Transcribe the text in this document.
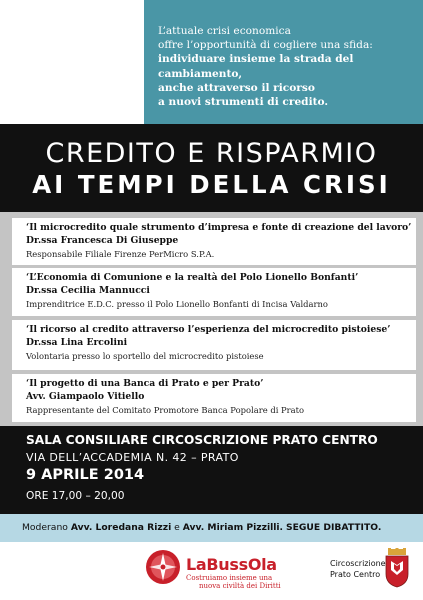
L’attuale crisi economica
offre l’opportunità di cogliere una sfida:
individuare insieme la strada del
cambiamento,
anche attraverso il ricorso
a nuovi strumenti di credito.
CREDITO E RISPARMIO
AI TEMPI DELLA CRISI
‘Il microcredito quale strumento d’impresa e fonte di creazione del lavoro’
Dr.ssa Francesca Di Giuseppe
Responsabile Filiale Firenze PerMicro S.P.A.
‘L’Economia di Comunione e la realtà del Polo Lionello Bonfanti’
Dr.ssa Cecilia Mannucci
Imprenditrice E.D.C. presso il Polo Lionello Bonfanti di Incisa Valdarno
‘Il ricorso al credito attraverso l’esperienza del microcredito pistoiese’
Dr.ssa Lina Ercolini
Volontaria presso lo sportello del microcredito pistoiese
‘Il progetto di una Banca di Prato e per Prato’
Avv. Giampaolo Vitiello
Rappresentante del Comitato Promotore Banca Popolare di Prato
SALA CONSILIARE CIRCOSCRIZIONE PRATO CENTRO
VIA DELL’ACCADEMIA N. 42 – PRATO
9 APRILE 2014
ORE 17,00 – 20,00
Moderano Avv. Loredana Rizzi e Avv. Miriam Pizzilli. SEGUE DIBATTITO.
LaBussOla
Costruiamo insieme una
nuova civiltà dei Diritti
Circoscrizione
Prato Centro
